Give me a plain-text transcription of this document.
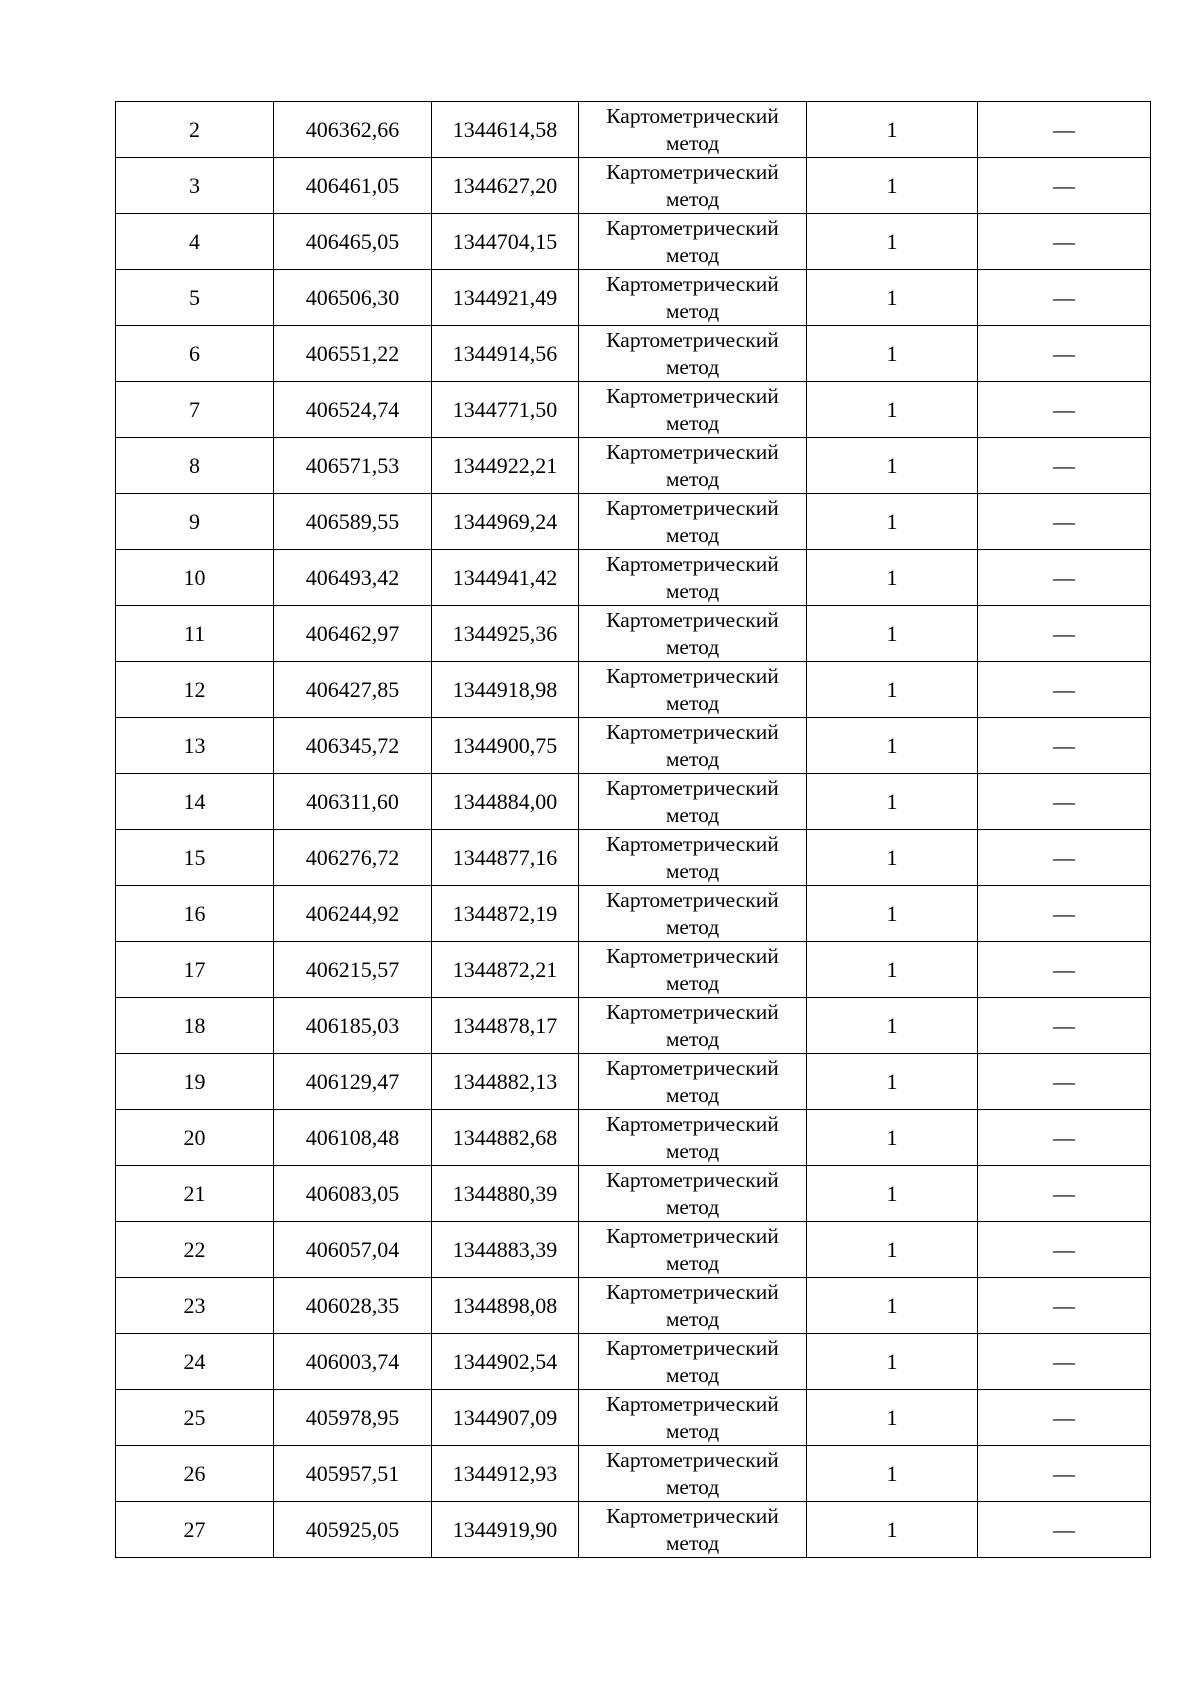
2	406362,66	1344614,58	Картометрический
метод	1	—
3	406461,05	1344627,20	Картометрический
метод	1	—
4	406465,05	1344704,15	Картометрический
метод	1	—
5	406506,30	1344921,49	Картометрический
метод	1	—
6	406551,22	1344914,56	Картометрический
метод	1	—
7	406524,74	1344771,50	Картометрический
метод	1	—
8	406571,53	1344922,21	Картометрический
метод	1	—
9	406589,55	1344969,24	Картометрический
метод	1	—
10	406493,42	1344941,42	Картометрический
метод	1	—
11	406462,97	1344925,36	Картометрический
метод	1	—
12	406427,85	1344918,98	Картометрический
метод	1	—
13	406345,72	1344900,75	Картометрический
метод	1	—
14	406311,60	1344884,00	Картометрический
метод	1	—
15	406276,72	1344877,16	Картометрический
метод	1	—
16	406244,92	1344872,19	Картометрический
метод	1	—
17	406215,57	1344872,21	Картометрический
метод	1	—
18	406185,03	1344878,17	Картометрический
метод	1	—
19	406129,47	1344882,13	Картометрический
метод	1	—
20	406108,48	1344882,68	Картометрический
метод	1	—
21	406083,05	1344880,39	Картометрический
метод	1	—
22	406057,04	1344883,39	Картометрический
метод	1	—
23	406028,35	1344898,08	Картометрический
метод	1	—
24	406003,74	1344902,54	Картометрический
метод	1	—
25	405978,95	1344907,09	Картометрический
метод	1	—
26	405957,51	1344912,93	Картометрический
метод	1	—
27	405925,05	1344919,90	Картометрический
метод	1	—
